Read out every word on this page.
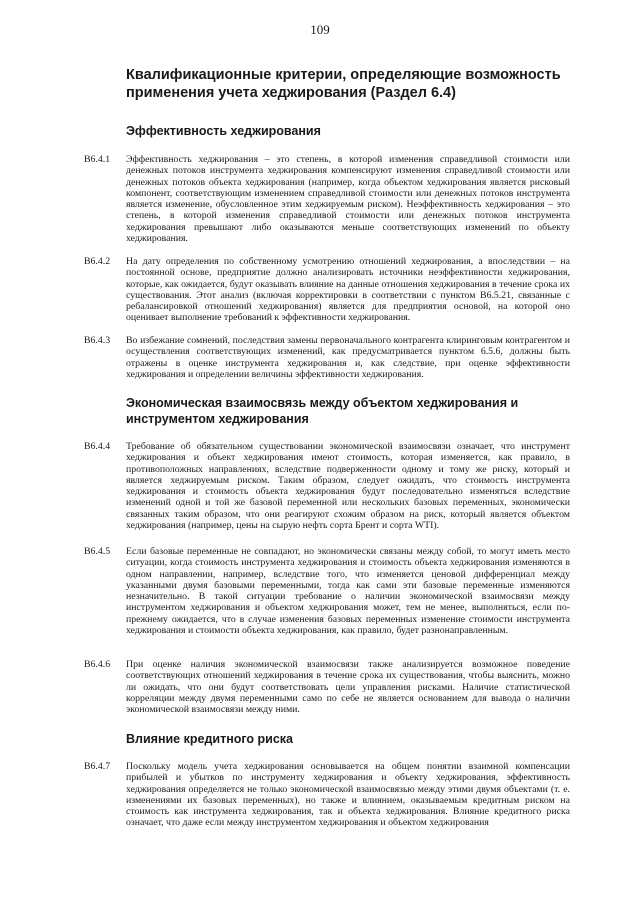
109
Квалификационные критерии, определяющие возможность применения учета хеджирования (Раздел 6.4)
Эффективность хеджирования
B6.4.1 Эффективность хеджирования – это степень, в которой изменения справедливой стоимости или денежных потоков инструмента хеджирования компенсируют изменения справедливой стоимости или денежных потоков объекта хеджирования (например, когда объектом хеджирования является рисковый компонент, соответствующим изменением справедливой стоимости или денежных потоков инструмента является изменение, обусловленное этим хеджируемым риском). Неэффективность хеджирования – это степень, в которой изменения справедливой стоимости или денежных потоков инструмента хеджирования превышают либо оказываются меньше соответствующих изменений по объекту хеджирования.

B6.4.2 На дату определения по собственному усмотрению отношений хеджирования, а впоследствии – на постоянной основе, предприятие должно анализировать источники неэффективности хеджирования, которые, как ожидается, будут оказывать влияние на данные отношения хеджирования в течение срока их существования. Этот анализ (включая корректировки в соответствии с пунктом B6.5.21, связанные с ребалансировкой отношений хеджирования) является для предприятия основой, на которой оно оценивает выполнение требований к эффективности хеджирования.

B6.4.3 Во избежание сомнений, последствия замены первоначального контрагента клиринговым контрагентом и осуществления соответствующих изменений, как предусматривается пунктом 6.5.6, должны быть отражены в оценке инструмента хеджирования и, как следствие, при оценке эффективности хеджирования и определении величины эффективности хеджирования.

Экономическая взаимосвязь между объектом хеджирования и инструментом хеджирования
B6.4.4 Требование об обязательном существовании экономической взаимосвязи означает, что инструмент хеджирования и объект хеджирования имеют стоимость, которая изменяется, как правило, в противоположных направлениях, вследствие подверженности одному и тому же риску, который и является хеджируемым риском. Таким образом, следует ожидать, что стоимость инструмента хеджирования и стоимость объекта хеджирования будут последовательно изменяться вследствие изменений одной и той же базовой переменной или нескольких базовых переменных, экономически связанных таким образом, что они реагируют схожим образом на риск, который является объектом хеджирования (например, цены на сырую нефть сорта Брент и сорта WTI).

B6.4.5 Если базовые переменные не совпадают, но экономически связаны между собой, то могут иметь место ситуации, когда стоимость инструмента хеджирования и стоимость объекта хеджирования изменяются в одном направлении, например, вследствие того, что изменяется ценовой дифференциал между указанными двумя базовыми переменными, тогда как сами эти базовые переменные изменяются незначительно. В такой ситуации требование о наличии экономической взаимосвязи между инструментом хеджирования и объектом хеджирования может, тем не менее, выполняться, если по-прежнему ожидается, что в случае изменения базовых переменных изменение стоимости инструмента хеджирования и стоимости объекта хеджирования, как правило, будет разнонаправленным.

B6.4.6 При оценке наличия экономической взаимосвязи также анализируется возможное поведение соответствующих отношений хеджирования в течение срока их существования, чтобы выяснить, можно ли ожидать, что они будут соответствовать цели управления рисками. Наличие статистической корреляции между двумя переменными само по себе не является основанием для вывода о наличии экономической взаимосвязи между ними.

Влияние кредитного риска
B6.4.7 Поскольку модель учета хеджирования основывается на общем понятии взаимной компенсации прибылей и убытков по инструменту хеджирования и объекту хеджирования, эффективность хеджирования определяется не только экономической взаимосвязью между этими двумя объектами (т. е. изменениями их базовых переменных), но также и влиянием, оказываемым кредитным риском на стоимость как инструмента хеджирования, так и объекта хеджирования. Влияние кредитного риска означает, что даже если между инструментом хеджирования и объектом хеджирования
